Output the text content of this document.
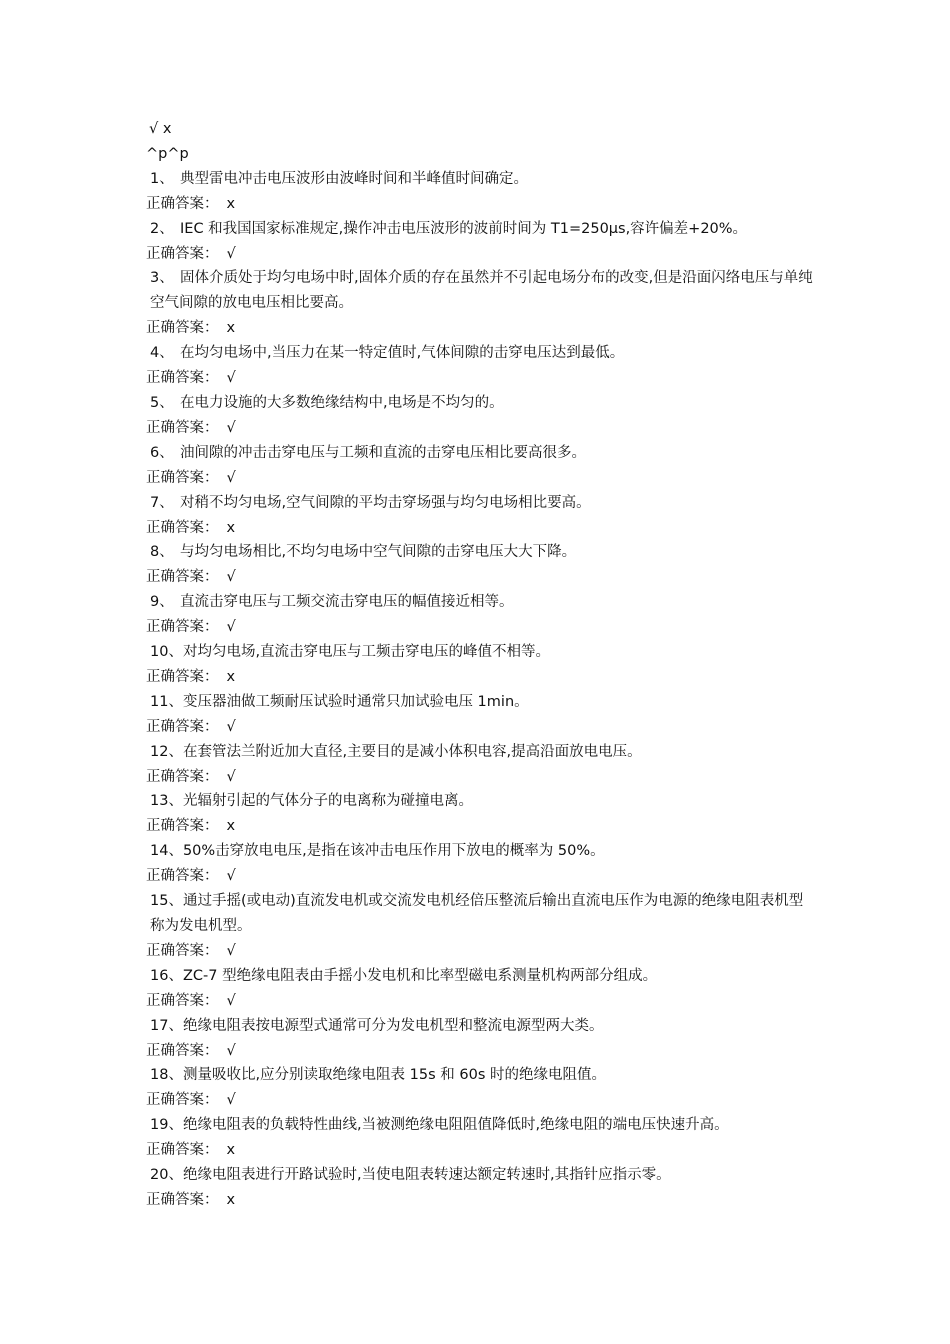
√ x
^p^p
1、 典型雷电冲击电压波形由波峰时间和半峰值时间确定。
正确答案： x
2、 IEC 和我国国家标准规定,操作冲击电压波形的波前时间为 T1=250μs,容许偏差+20%。
正确答案： √
3、 固体介质处于均匀电场中时,固体介质的存在虽然并不引起电场分布的改变,但是沿面闪络电压与单纯空气间隙的放电电压相比要高。
正确答案： x
4、 在均匀电场中,当压力在某一特定值时,气体间隙的击穿电压达到最低。
正确答案： √
5、 在电力设施的大多数绝缘结构中,电场是不均匀的。
正确答案： √
6、 油间隙的冲击击穿电压与工频和直流的击穿电压相比要高很多。
正确答案： √
7、 对稍不均匀电场,空气间隙的平均击穿场强与均匀电场相比要高。
正确答案： x
8、 与均匀电场相比,不均匀电场中空气间隙的击穿电压大大下降。
正确答案： √
9、 直流击穿电压与工频交流击穿电压的幅值接近相等。
正确答案： √
10、对均匀电场,直流击穿电压与工频击穿电压的峰值不相等。
正确答案： x
11、变压器油做工频耐压试验时通常只加试验电压 1min。
正确答案： √
12、在套管法兰附近加大直径,主要目的是减小体积电容,提高沿面放电电压。
正确答案： √
13、光辐射引起的气体分子的电离称为碰撞电离。
正确答案： x
14、50%击穿放电电压,是指在该冲击电压作用下放电的概率为 50%。
正确答案： √
15、通过手摇(或电动)直流发电机或交流发电机经倍压整流后输出直流电压作为电源的绝缘电阻表机型称为发电机型。
正确答案： √
16、ZC-7 型绝缘电阻表由手摇小发电机和比率型磁电系测量机构两部分组成。
正确答案： √
17、绝缘电阻表按电源型式通常可分为发电机型和整流电源型两大类。
正确答案： √
18、测量吸收比,应分别读取绝缘电阻表 15s 和 60s 时的绝缘电阻值。
正确答案： √
19、绝缘电阻表的负载特性曲线,当被测绝缘电阻阻值降低时,绝缘电阻的端电压快速升高。
正确答案： x
20、绝缘电阻表进行开路试验时,当使电阻表转速达额定转速时,其指针应指示零。
正确答案： x
